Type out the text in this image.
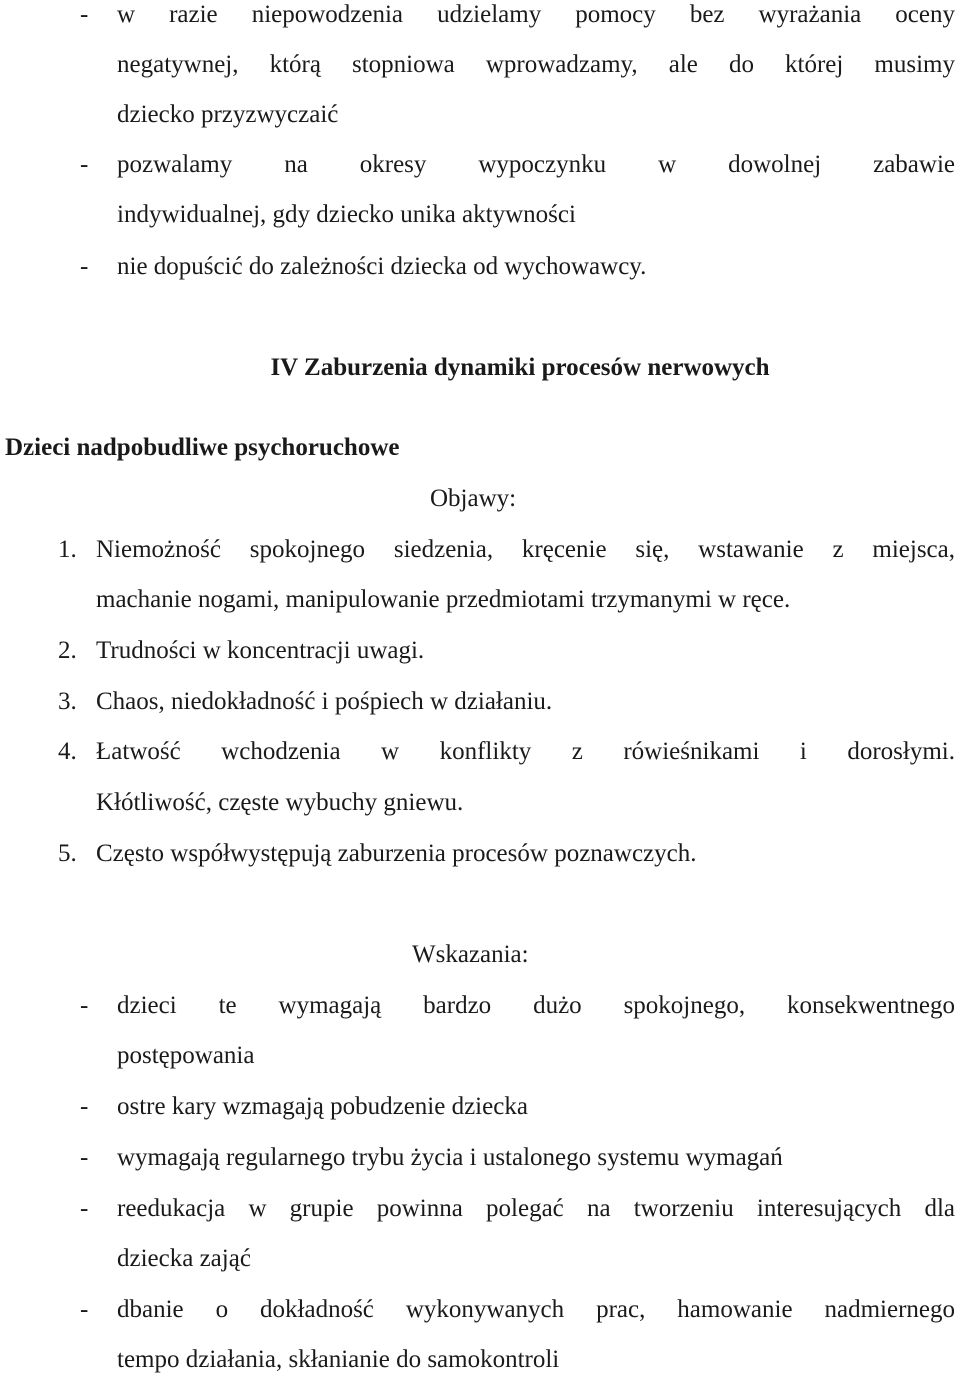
-	w razie niepowodzenia udzielamy pomocy bez wyrażania oceny
negatywnej, którą stopniowa wprowadzamy, ale do której musimy
dziecko przyzwyczaić
-	pozwalamy na okresy wypoczynku w dowolnej zabawie
indywidualnej, gdy dziecko unika aktywności
-	nie dopuścić do zależności dziecka od wychowawcy.
IV Zaburzenia dynamiki procesów nerwowych
Dzieci nadpobudliwe psychoruchowe
Objawy:
1. Niemożność spokojnego siedzenia, kręcenie się, wstawanie z miejsca,
machanie nogami, manipulowanie przedmiotami trzymanymi w ręce.
2. Trudności w koncentracji uwagi.
3. Chaos, niedokładność i pośpiech w działaniu.
4. Łatwość wchodzenia w konflikty z rówieśnikami i dorosłymi.
Kłótliwość, częste wybuchy gniewu.
5. Często współwystępują zaburzenia procesów poznawczych.
Wskazania:
-	dzieci te wymagają bardzo dużo spokojnego, konsekwentnego
postępowania
-	ostre kary wzmagają pobudzenie dziecka
-	wymagają regularnego trybu życia i ustalonego systemu wymagań
-	reedukacja w grupie powinna polegać na tworzeniu interesujących dla
dziecka zająć
-	dbanie o dokładność wykonywanych prac, hamowanie nadmiernego
tempo działania, skłanianie do samokontroli
